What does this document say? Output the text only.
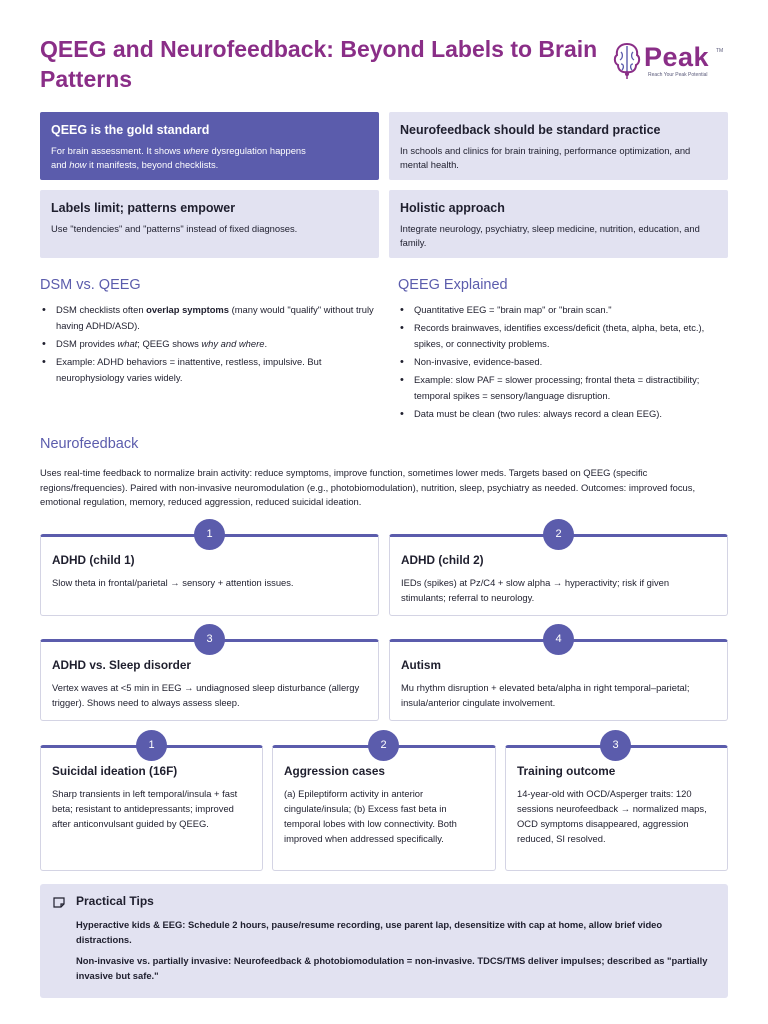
QEEG and Neurofeedback: Beyond Labels to Brain Patterns
Peak TM
Reach Your Peak Potential
QEEG is the gold standard

For brain assessment. It shows where dysregulation happens
and how it manifests, beyond checklists.

Neurofeedback should be standard practice

In schools and clinics for brain training, performance optimization, and mental health.

Labels limit; patterns empower

Use "tendencies" and "patterns" instead of fixed diagnoses.

Holistic approach

Integrate neurology, psychiatry, sleep medicine, nutrition, education, and family.

DSM vs. QEEG
• DSM checklists often overlap symptoms (many would "qualify" without truly having ADHD/ASD).
• DSM provides what; QEEG shows why and where.
• Example: ADHD behaviors = inattentive, restless, impulsive. But neurophysiology varies widely.
QEEG Explained
• Quantitative EEG = "brain map" or "brain scan."
• Records brainwaves, identifies excess/deficit (theta, alpha, beta, etc.), spikes, or connectivity problems.
• Non-invasive, evidence-based.
• Example: slow PAF = slower processing; frontal theta = distractibility; temporal spikes = sensory/language disruption.
• Data must be clean (two rules: always record a clean EEG).
Neurofeedback

Uses real-time feedback to normalize brain activity: reduce symptoms, improve function, sometimes lower meds. Targets based on QEEG (specific regions/frequencies). Paired with non-invasive neuromodulation (e.g., photobiomodulation), nutrition, sleep, psychiatry as needed. Outcomes: improved focus, emotional regulation, memory, reduced aggression, reduced suicidal ideation.

ADHD (child 1)

Slow theta in frontal/parietal → sensory + attention issues.

1
ADHD (child 2)

IEDs (spikes) at Pz/C4 + slow alpha → hyperactivity; risk if given stimulants; referral to neurology.

2
ADHD vs. Sleep disorder

Vertex waves at <5 min in EEG → undiagnosed sleep disturbance (allergy trigger). Shows need to always assess sleep.

3
Autism

Mu rhythm disruption + elevated beta/alpha in right temporal–parietal; insula/anterior cingulate involvement.

4
Suicidal ideation (16F)

Sharp transients in left temporal/insula + fast beta; resistant to antidepressants; improved after anticonvulsant guided by QEEG.

1
Aggression cases

(a) Epileptiform activity in anterior cingulate/insula; (b) Excess fast beta in temporal lobes with low connectivity. Both improved when addressed specifically.

2
Training outcome

14-year-old with OCD/Asperger traits: 120 sessions neurofeedback → normalized maps, OCD symptoms disappeared, aggression reduced, SI resolved.

3
Practical Tips

Hyperactive kids & EEG: Schedule 2 hours, pause/resume recording, use parent lap, desensitize with cap at home, allow brief video distractions.

Non-invasive vs. partially invasive: Neurofeedback & photobiomodulation = non-invasive. TDCS/TMS deliver impulses; described as "partially invasive but safe."
